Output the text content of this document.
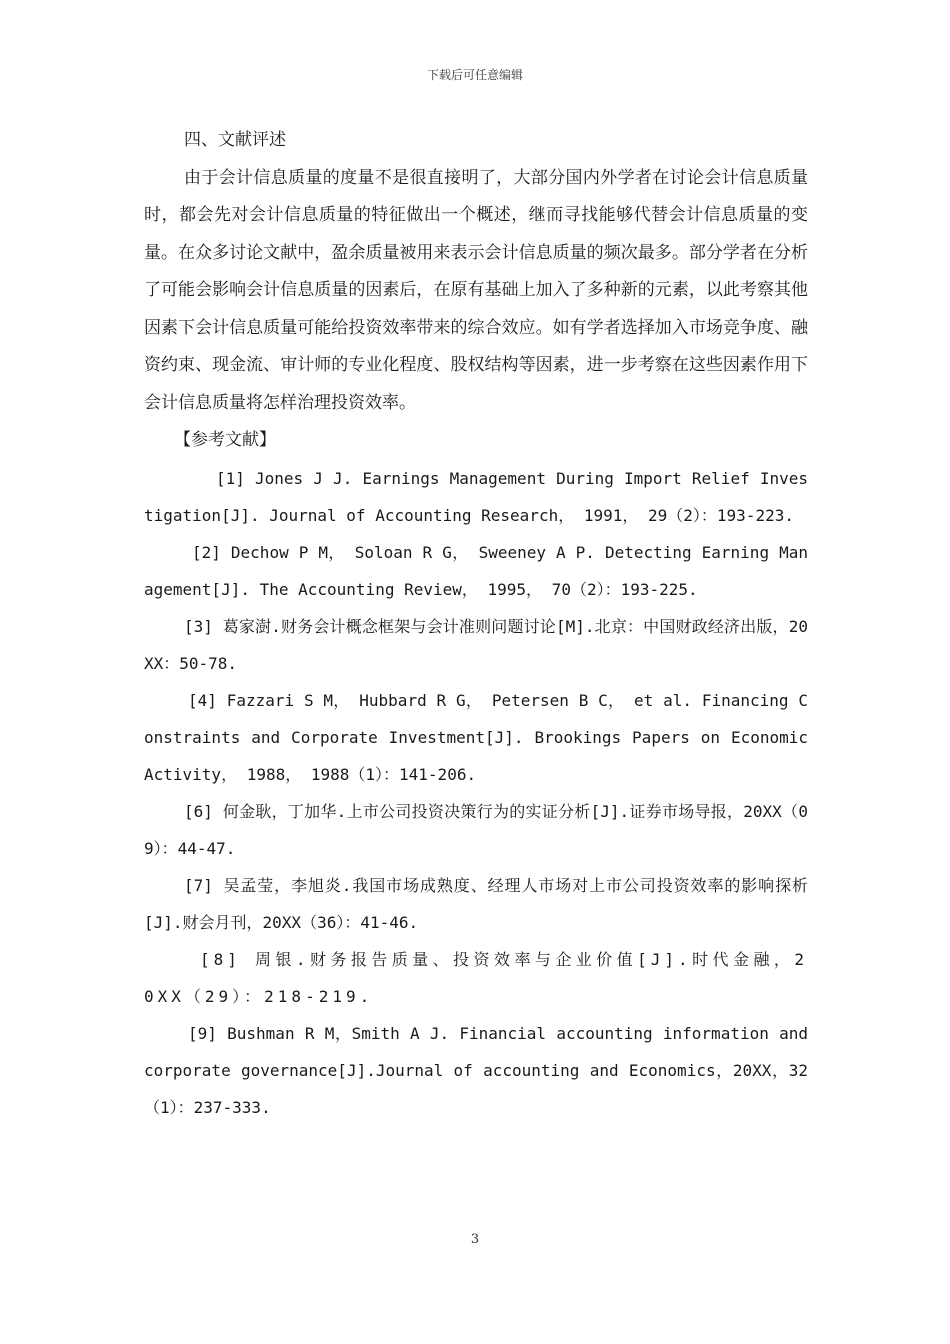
下载后可任意编辑

四、文献评述

由于会计信息质量的度量不是很直接明了，大部分国内外学者在讨论会计信息质量时，都会先对会计信息质量的特征做出一个概述，继而寻找能够代替会计信息质量的变量。在众多讨论文献中，盈余质量被用来表示会计信息质量的频次最多。部分学者在分析了可能会影响会计信息质量的因素后，在原有基础上加入了多种新的元素，以此考察其他因素下会计信息质量可能给投资效率带来的综合效应。如有学者选择加入市场竞争度、融资约束、现金流、审计师的专业化程度、股权结构等因素，进一步考察在这些因素作用下会计信息质量将怎样治理投资效率。

【参考文献】

[1] Jones J J. Earnings Management During Import Relief Investigation[J]. Journal of Accounting Research， 1991， 29（2）：193-223.

[2] Dechow P M， Soloan R G， Sweeney A P. Detecting Earning Management[J]. The Accounting Review， 1995， 70（2）：193-225.

[3] 葛家澍.财务会计概念框架与会计准则问题讨论[M].北京：中国财政经济出版，20XX：50-78.

[4] Fazzari S M， Hubbard R G， Petersen B C， et al. Financing Constraints and Corporate Investment[J]. Brookings Papers on Economic Activity， 1988， 1988（1）：141-206.

[6] 何金耿，丁加华.上市公司投资决策行为的实证分析[J].证券市场导报，20XX（09）：44-47.

[7] 吴孟莹，李旭炎.我国市场成熟度、经理人市场对上市公司投资效率的影响探析[J].财会月刊，20XX（36）：41-46.

[8] 周银.财务报告质量、投资效率与企业价值[J].时代金融，20XX（29）：218-219.

[9] Bushman R M，Smith A J. Financial accounting information and corporate governance[J].Journal of accounting and Economics，20XX，32（1）：237-333.

3
